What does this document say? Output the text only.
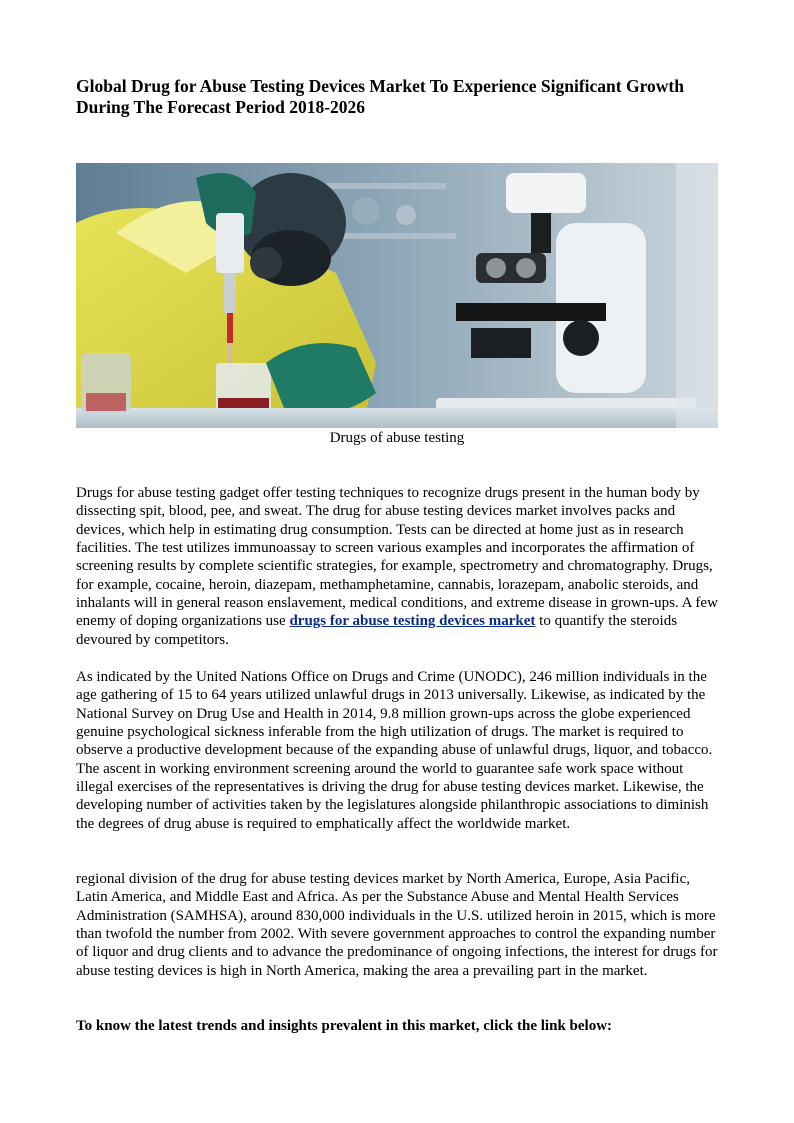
Global Drug for Abuse Testing Devices Market To Experience Significant Growth During The Forecast Period 2018-2026

Drugs of abuse testing

Drugs for abuse testing gadget offer testing techniques to recognize drugs present in the human body by dissecting spit, blood, pee, and sweat. The drug for abuse testing devices market involves packs and devices, which help in estimating drug consumption. Tests can be directed at home just as in research facilities. The test utilizes immunoassay to screen various examples and incorporates the affirmation of screening results by complete scientific strategies, for example, spectrometry and chromatography. Drugs, for example, cocaine, heroin, diazepam, methamphetamine, cannabis, lorazepam, anabolic steroids, and inhalants will in general reason enslavement, medical conditions, and extreme disease in grown-ups. A few enemy of doping organizations use drugs for abuse testing devices market to quantify the steroids devoured by competitors.

As indicated by the United Nations Office on Drugs and Crime (UNODC), 246 million individuals in the age gathering of 15 to 64 years utilized unlawful drugs in 2013 universally. Likewise, as indicated by the National Survey on Drug Use and Health in 2014, 9.8 million grown-ups across the globe experienced genuine psychological sickness inferable from the high utilization of drugs. The market is required to observe a productive development because of the expanding abuse of unlawful drugs, liquor, and tobacco. The ascent in working environment screening around the world to guarantee safe work space without illegal exercises of the representatives is driving the drug for abuse testing devices market. Likewise, the developing number of activities taken by the legislatures alongside philanthropic associations to diminish the degrees of drug abuse is required to emphatically affect the worldwide market.

regional division of the drug for abuse testing devices market by North America, Europe, Asia Pacific, Latin America, and Middle East and Africa. As per the Substance Abuse and Mental Health Services Administration (SAMHSA), around 830,000 individuals in the U.S. utilized heroin in 2015, which is more than twofold the number from 2002. With severe government approaches to control the expanding number of liquor and drug clients and to advance the predominance of ongoing infections, the interest for drugs for abuse testing devices is high in North America, making the area a prevailing part in the market.

To know the latest trends and insights prevalent in this market, click the link below:
